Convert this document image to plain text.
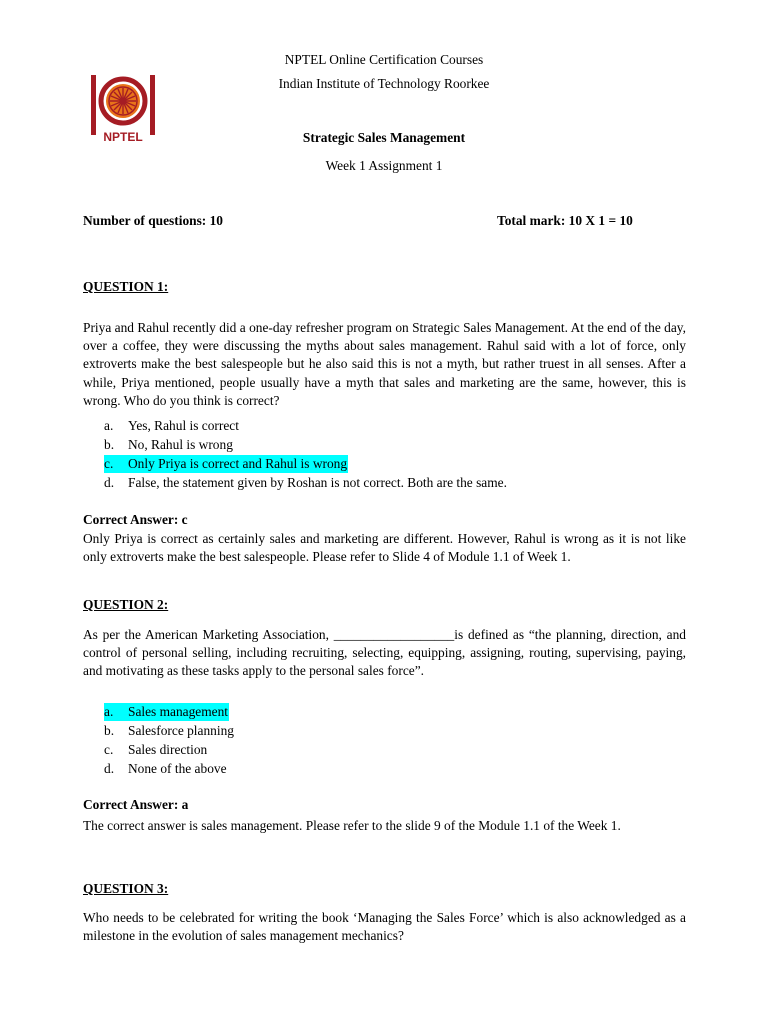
NPTEL Online Certification Courses
Indian Institute of Technology Roorkee
NPTEL	Strategic Sales Management
Week 1 Assignment 1
Number of questions: 10	Total mark: 10 X 1 = 10
QUESTION 1:
Priya and Rahul recently did a one-day refresher program on Strategic Sales Management. At the end of the day, over a coffee, they were discussing the myths about sales management. Rahul said with a lot of force, only extroverts make the best salespeople but he also said this is not a myth, but rather truest in all senses. After a while, Priya mentioned, people usually have a myth that sales and marketing are the same, however, this is wrong. Who do you think is correct?
a. Yes, Rahul is correct
b. No, Rahul is wrong
c. Only Priya is correct and Rahul is wrong
d. False, the statement given by Roshan is not correct. Both are the same.
Correct Answer: c
Only Priya is correct as certainly sales and marketing are different. However, Rahul is wrong as it is not like only extroverts make the best salespeople. Please refer to Slide 4 of Module 1.1 of Week 1.
QUESTION 2:
As per the American Marketing Association, __________________is defined as “the planning, direction, and control of personal selling, including recruiting, selecting, equipping, assigning, routing, supervising, paying, and motivating as these tasks apply to the personal sales force”.
a. Sales management
b. Salesforce planning
c. Sales direction
d. None of the above
Correct Answer: a
The correct answer is sales management. Please refer to the slide 9 of the Module 1.1 of the Week 1.
QUESTION 3:
Who needs to be celebrated for writing the book ‘Managing the Sales Force’ which is also acknowledged as a milestone in the evolution of sales management mechanics?
